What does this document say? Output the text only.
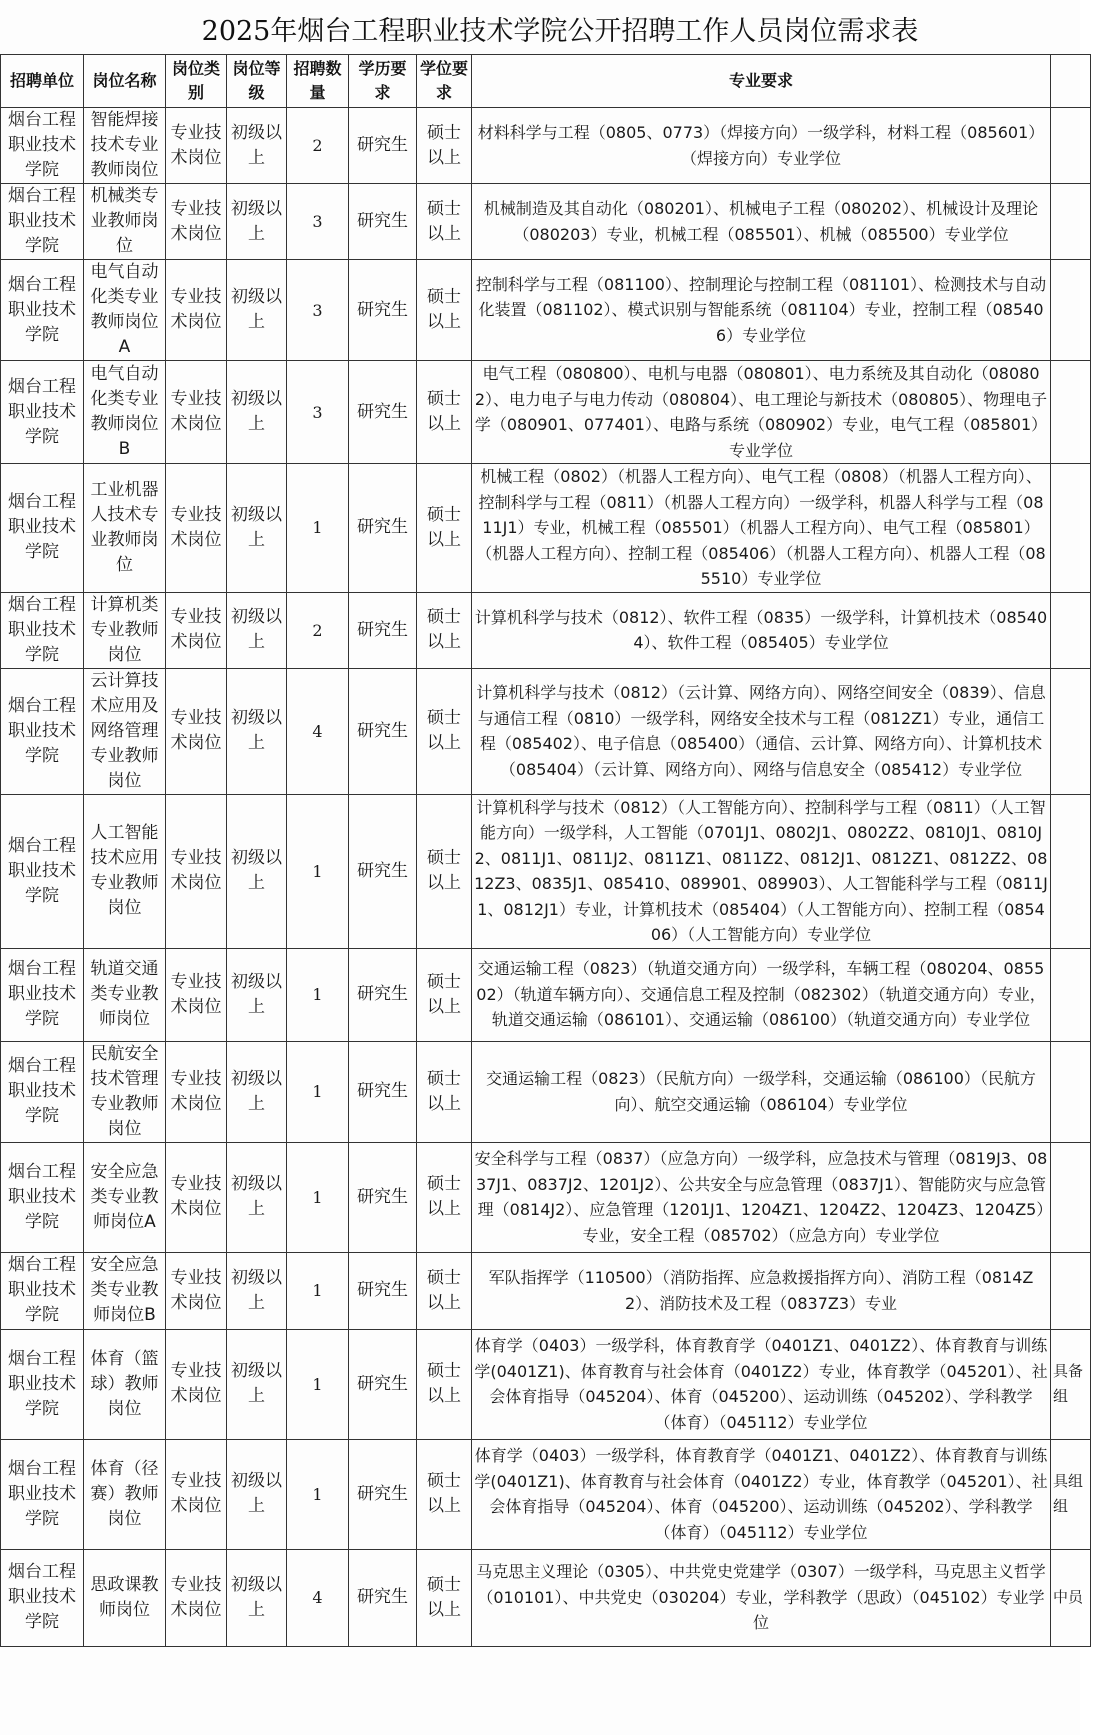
2025年烟台工程职业技术学院公开招聘工作人员岗位需求表
招聘单位	岗位名称	岗位类别	岗位等级	招聘数量	学历要求	学位要求	专业要求	
烟台工程职业技术学院	智能焊接技术专业教师岗位	专业技术岗位	初级以上	2	研究生	硕士以上	材料科学与工程（0805、0773）（焊接方向）一级学科，材料工程（085601）（焊接方向）专业学位	
烟台工程职业技术学院	机械类专业教师岗位	专业技术岗位	初级以上	3	研究生	硕士以上	机械制造及其自动化（080201）、机械电子工程（080202）、机械设计及理论（080203）专业，机械工程（085501）、机械（085500）专业学位	
烟台工程职业技术学院	电气自动化类专业教师岗位A	专业技术岗位	初级以上	3	研究生	硕士以上	控制科学与工程（081100）、控制理论与控制工程（081101）、检测技术与自动化装置（081102）、模式识别与智能系统（081104）专业，控制工程（085406）专业学位	
烟台工程职业技术学院	电气自动化类专业教师岗位B	专业技术岗位	初级以上	3	研究生	硕士以上	电气工程（080800）、电机与电器（080801）、电力系统及其自动化（080802）、电力电子与电力传动（080804）、电工理论与新技术（080805）、物理电子学（080901、077401）、电路与系统（080902）专业，电气工程（085801）专业学位	
烟台工程职业技术学院	工业机器人技术专业教师岗位	专业技术岗位	初级以上	1	研究生	硕士以上	机械工程（0802）（机器人工程方向）、电气工程（0808）（机器人工程方向）、控制科学与工程（0811）（机器人工程方向）一级学科，机器人科学与工程（0811J1）专业，机械工程（085501）（机器人工程方向）、电气工程（085801）（机器人工程方向）、控制工程（085406）（机器人工程方向）、机器人工程（085510）专业学位	
烟台工程职业技术学院	计算机类专业教师岗位	专业技术岗位	初级以上	2	研究生	硕士以上	计算机科学与技术（0812）、软件工程（0835）一级学科，计算机技术（085404）、软件工程（085405）专业学位	
烟台工程职业技术学院	云计算技术应用及网络管理专业教师岗位	专业技术岗位	初级以上	4	研究生	硕士以上	计算机科学与技术（0812）（云计算、网络方向）、网络空间安全（0839）、信息与通信工程（0810）一级学科，网络安全技术与工程（0812Z1）专业，通信工程（085402）、电子信息（085400）（通信、云计算、网络方向）、计算机技术（085404）（云计算、网络方向）、网络与信息安全（085412）专业学位	
烟台工程职业技术学院	人工智能技术应用专业教师岗位	专业技术岗位	初级以上	1	研究生	硕士以上	计算机科学与技术（0812）（人工智能方向）、控制科学与工程（0811）（人工智能方向）一级学科，人工智能（0701J1、0802J1、0802Z2、0810J1、0810J2、0811J1、0811J2、0811Z1、0811Z2、0812J1、0812Z1、0812Z2、0812Z3、0835J1、085410、089901、089903）、人工智能科学与工程（0811J1、0812J1）专业，计算机技术（085404）（人工智能方向）、控制工程（085406）（人工智能方向）专业学位	
烟台工程职业技术学院	轨道交通类专业教师岗位	专业技术岗位	初级以上	1	研究生	硕士以上	交通运输工程（0823）（轨道交通方向）一级学科，车辆工程（080204、085502）（轨道车辆方向）、交通信息工程及控制（082302）（轨道交通方向）专业，轨道交通运输（086101）、交通运输（086100）（轨道交通方向）专业学位	
烟台工程职业技术学院	民航安全技术管理专业教师岗位	专业技术岗位	初级以上	1	研究生	硕士以上	交通运输工程（0823）（民航方向）一级学科，交通运输（086100）（民航方向）、航空交通运输（086104）专业学位	
烟台工程职业技术学院	安全应急类专业教师岗位A	专业技术岗位	初级以上	1	研究生	硕士以上	安全科学与工程（0837）（应急方向）一级学科，应急技术与管理（0819J3、0837J1、0837J2、1201J2）、公共安全与应急管理（0837J1）、智能防灾与应急管理（0814J2）、应急管理（1201J1、1204Z1、1204Z2、1204Z3、1204Z5）专业，安全工程（085702）（应急方向）专业学位	
烟台工程职业技术学院	安全应急类专业教师岗位B	专业技术岗位	初级以上	1	研究生	硕士以上	军队指挥学（110500）（消防指挥、应急救援指挥方向）、消防工程（0814Z2）、消防技术及工程（0837Z3）专业	
烟台工程职业技术学院	体育（篮球）教师岗位	专业技术岗位	初级以上	1	研究生	硕士以上	体育学（0403）一级学科，体育教育学（0401Z1、0401Z2）、体育教育与训练学(0401Z1)、体育教育与社会体育（0401Z2）专业，体育教学（045201）、社会体育指导（045204）、体育（045200）、运动训练（045202）、学科教学（体育）（045112）专业学位	具备组
烟台工程职业技术学院	体育（径赛）教师岗位	专业技术岗位	初级以上	1	研究生	硕士以上	体育学（0403）一级学科，体育教育学（0401Z1、0401Z2）、体育教育与训练学(0401Z1)、体育教育与社会体育（0401Z2）专业，体育教学（045201）、社会体育指导（045204）、体育（045200）、运动训练（045202）、学科教学（体育）（045112）专业学位	具组组
烟台工程职业技术学院	思政课教师岗位	专业技术岗位	初级以上	4	研究生	硕士以上	马克思主义理论（0305）、中共党史党建学（0307）一级学科，马克思主义哲学（010101）、中共党史（030204）专业，学科教学（思政）（045102）专业学位	中员
